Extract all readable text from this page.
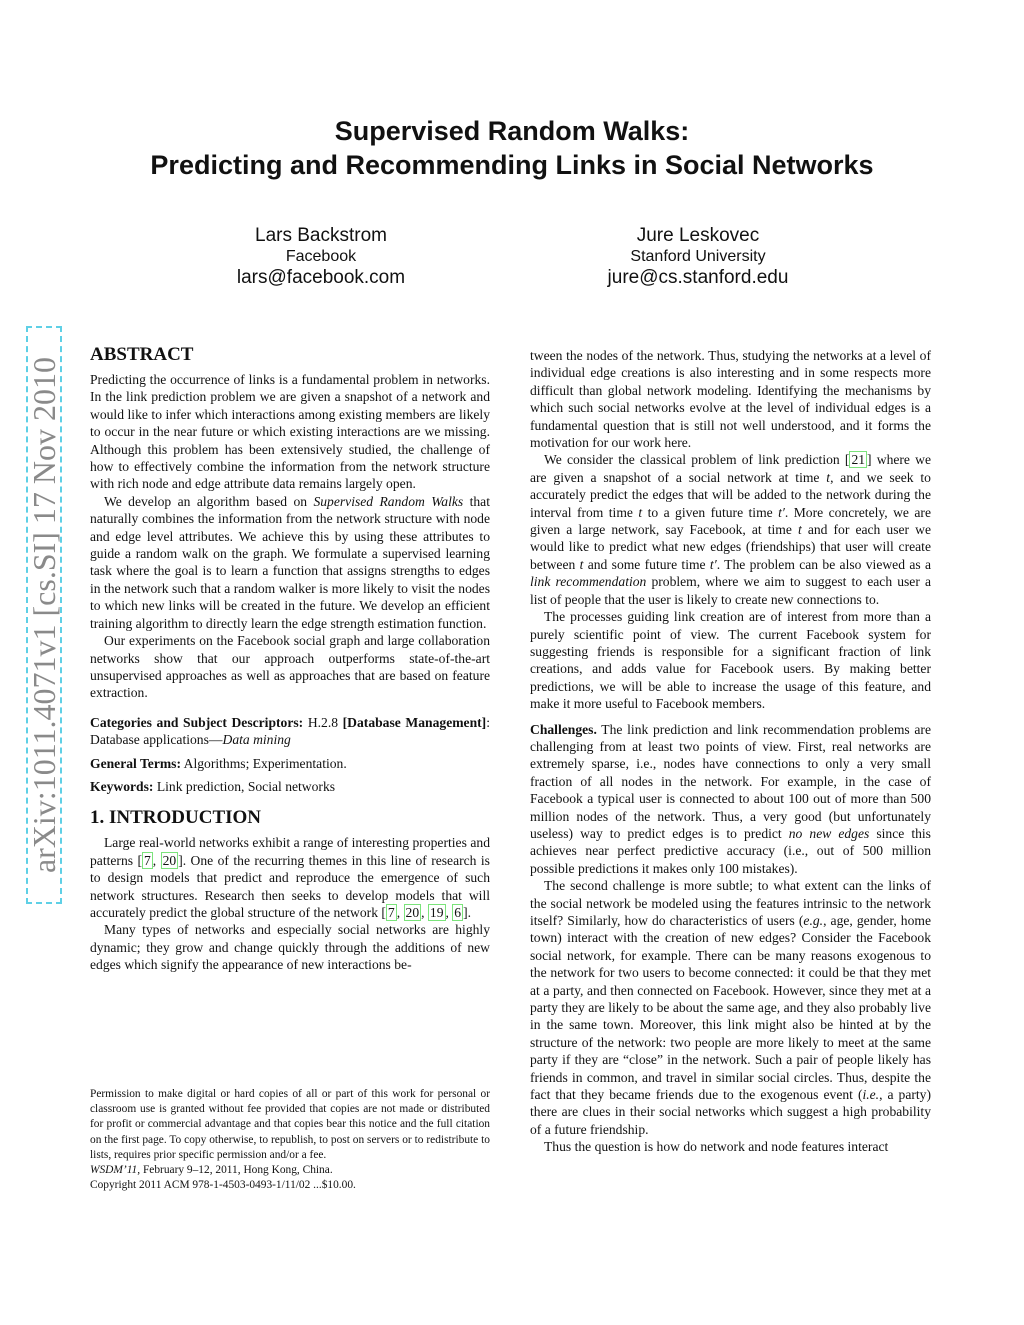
Supervised Random Walks:
Predicting and Recommending Links in Social Networks
Lars Backstrom
Facebook
lars@facebook.com
Jure Leskovec
Stanford University
jure@cs.stanford.edu
arXiv:1011.4071v1 [cs.SI] 17 Nov 2010
ABSTRACT

Predicting the occurrence of links is a fundamental problem in networks. In the link prediction problem we are given a snapshot of a network and would like to infer which interactions among existing members are likely to occur in the near future or which existing interactions are we missing. Although this problem has been extensively studied, the challenge of how to effectively combine the information from the network structure with rich node and edge attribute data remains largely open.

We develop an algorithm based on Supervised Random Walks that naturally combines the information from the network structure with node and edge level attributes. We achieve this by using these attributes to guide a random walk on the graph. We formulate a supervised learning task where the goal is to learn a function that assigns strengths to edges in the network such that a random walker is more likely to visit the nodes to which new links will be created in the future. We develop an efficient training algorithm to directly learn the edge strength estimation function.

Our experiments on the Facebook social graph and large collaboration networks show that our approach outperforms state-of-the-art unsupervised approaches as well as approaches that are based on feature extraction.

Categories and Subject Descriptors: H.2.8 [Database Management]: Database applications—Data mining

General Terms: Algorithms; Experimentation.

Keywords: Link prediction, Social networks

1. INTRODUCTION

Large real-world networks exhibit a range of interesting properties and patterns [ 7 , 20 ]. One of the recurring themes in this line of research is to design models that predict and reproduce the emergence of such network structures. Research then seeks to develop models that will accurately predict the global structure of the network [ 7 , 20 , 19 , 6 ].

Many types of networks and especially social networks are highly dynamic; they grow and change quickly through the additions of new edges which signify the appearance of new interactions be-

Permission to make digital or hard copies of all or part of this work for personal or classroom use is granted without fee provided that copies are not made or distributed for profit or commercial advantage and that copies bear this notice and the full citation on the first page. To copy otherwise, to republish, to post on servers or to redistribute to lists, requires prior specific permission and/or a fee.

WSDM’11, February 9–12, 2011, Hong Kong, China.

Copyright 2011 ACM 978-1-4503-0493-1/11/02 ...$10.00.

tween the nodes of the network. Thus, studying the networks at a level of individual edge creations is also interesting and in some respects more difficult than global network modeling. Identifying the mechanisms by which such social networks evolve at the level of individual edges is a fundamental question that is still not well understood, and it forms the motivation for our work here.

We consider the classical problem of link prediction [ 21 ] where we are given a snapshot of a social network at time t, and we seek to accurately predict the edges that will be added to the network during the interval from time t to a given future time t′. More concretely, we are given a large network, say Facebook, at time t and for each user we would like to predict what new edges (friendships) that user will create between t and some future time t′. The problem can be also viewed as a link recommendation problem, where we aim to suggest to each user a list of people that the user is likely to create new connections to.

The processes guiding link creation are of interest from more than a purely scientific point of view. The current Facebook system for suggesting friends is responsible for a significant fraction of link creations, and adds value for Facebook users. By making better predictions, we will be able to increase the usage of this feature, and make it more useful to Facebook members.

Challenges. The link prediction and link recommendation problems are challenging from at least two points of view. First, real networks are extremely sparse, i.e., nodes have connections to only a very small fraction of all nodes in the network. For example, in the case of Facebook a typical user is connected to about 100 out of more than 500 million nodes of the network. Thus, a very good (but unfortunately useless) way to predict edges is to predict no new edges since this achieves near perfect predictive accuracy (i.e., out of 500 million possible predictions it makes only 100 mistakes).

The second challenge is more subtle; to what extent can the links of the social network be modeled using the features intrinsic to the network itself? Similarly, how do characteristics of users (e.g., age, gender, home town) interact with the creation of new edges? Consider the Facebook social network, for example. There can be many reasons exogenous to the network for two users to become connected: it could be that they met at a party, and then connected on Facebook. However, since they met at a party they are likely to be about the same age, and they also probably live in the same town. Moreover, this link might also be hinted at by the structure of the network: two people are more likely to meet at the same party if they are “close” in the network. Such a pair of people likely has friends in common, and travel in similar social circles. Thus, despite the fact that they became friends due to the exogenous event (i.e., a party) there are clues in their social networks which suggest a high probability of a future friendship.

Thus the question is how do network and node features interact
